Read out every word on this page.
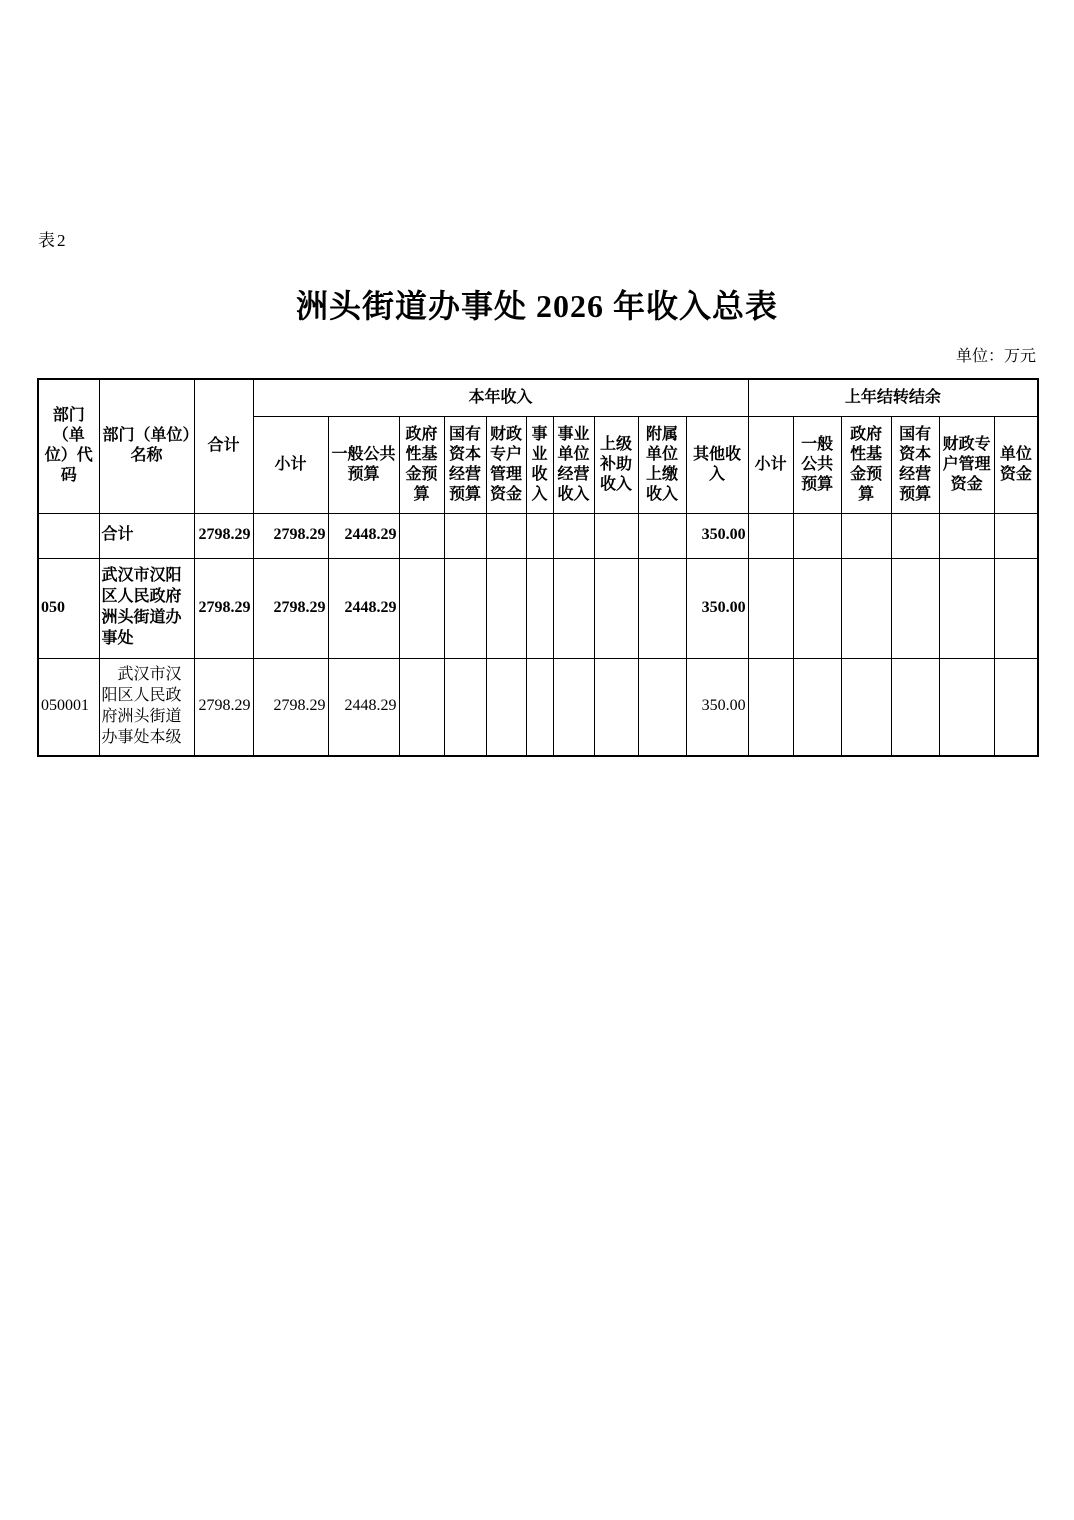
表2
洲头街道办事处 2026 年收入总表
单位：万元
部门（单位）代码	部门（单位）名称	合计	本年收入										上年结转结余					
			小计	一般公共预算	政府性基金预算	国有资本经营预算	财政专户管理资金	事业收入	事业单位经营收入	上级补助收入	附属单位上缴收入	其他收入	小计	一般公共预算	政府性基金预算	国有资本经营预算	财政专户管理资金	单位资金
	合计	2798.29	2798.29	2448.29								350.00						
050	武汉市汉阳区人民政府洲头街道办事处	2798.29	2798.29	2448.29								350.00						
050001	武汉市汉阳区人民政府洲头街道办事处本级	2798.29	2798.29	2448.29								350.00						
